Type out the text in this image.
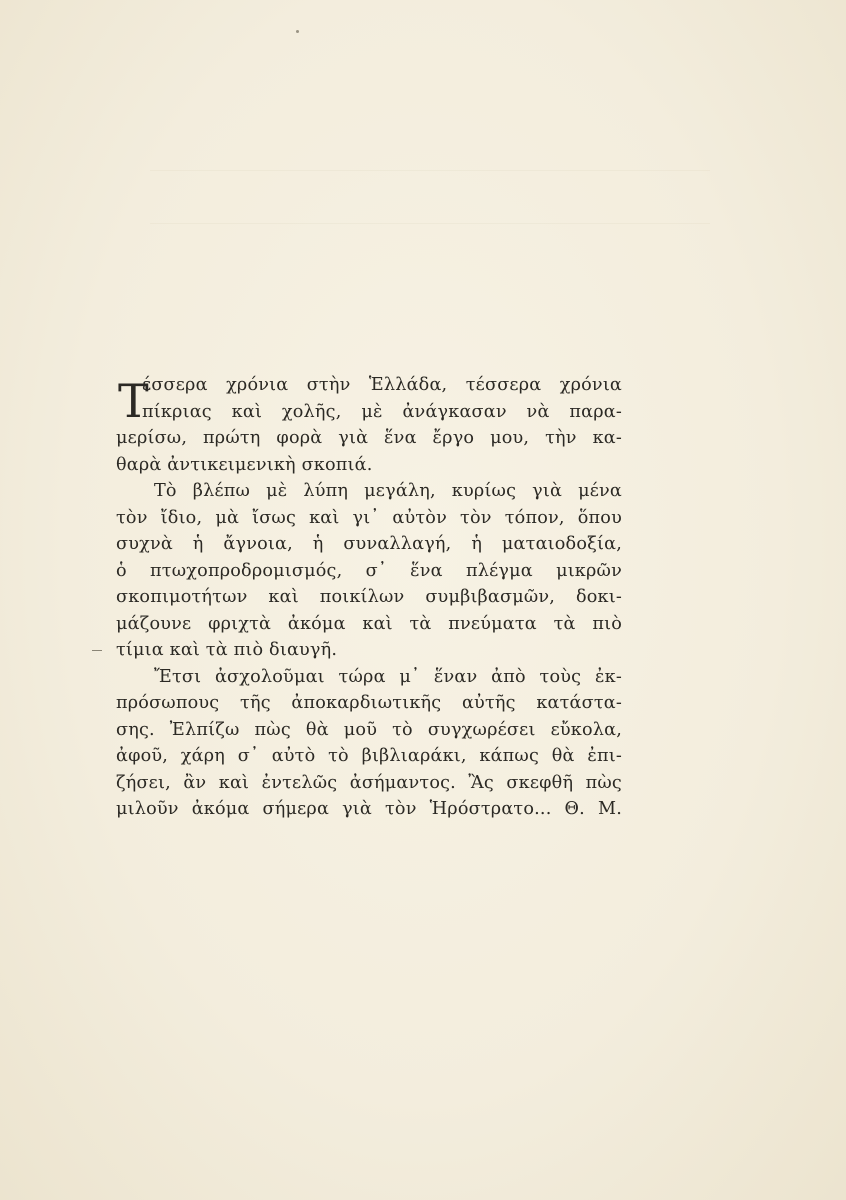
Τ
έσσερα χρόνια στὴν Ἑλλάδα, τέσσερα χρόνια
πίκριας καὶ χολῆς, μὲ ἀνάγκασαν νὰ παρα-
μερίσω, πρώτη φορὰ γιὰ ἕνα ἔργο μου, τὴν κα-
θαρὰ ἀντικειμενικὴ σκοπιά.
Τὸ βλέπω μὲ λύπη μεγάλη, κυρίως γιὰ μένα
τὸν ἴδιο, μὰ ἴσως καὶ γι᾽ αὐτὸν τὸν τόπον, ὅπου
συχνὰ ἡ ἄγνοια, ἡ συναλλαγή, ἡ ματαιοδοξία,
ὁ πτωχοπροδρομισμός, σ᾽ ἕνα πλέγμα μικρῶν
σκοπιμοτήτων καὶ ποικίλων συμβιβασμῶν, δοκι-
μάζουνε φριχτὰ ἀκόμα καὶ τὰ πνεύματα τὰ πιὸ
τίμια καὶ τὰ πιὸ διαυγῆ.
Ἔτσι ἀσχολοῦμαι τώρα μ᾽ ἕναν ἀπὸ τοὺς ἐκ-
πρόσωπους τῆς ἀποκαρδιωτικῆς αὐτῆς κατάστα-
σης. Ἐλπίζω πὼς θὰ μοῦ τὸ συγχωρέσει εὔκολα,
ἀφοῦ, χάρη σ᾽ αὐτὸ τὸ βιβλιαράκι, κάπως θὰ ἐπι-
ζήσει, ἂν καὶ ἐντελῶς ἀσήμαντος. Ἂς σκεφθῆ πὼς
μιλοῦν ἀκόμα σήμερα γιὰ τὸν Ἡρόστρατο... Θ. Μ.
